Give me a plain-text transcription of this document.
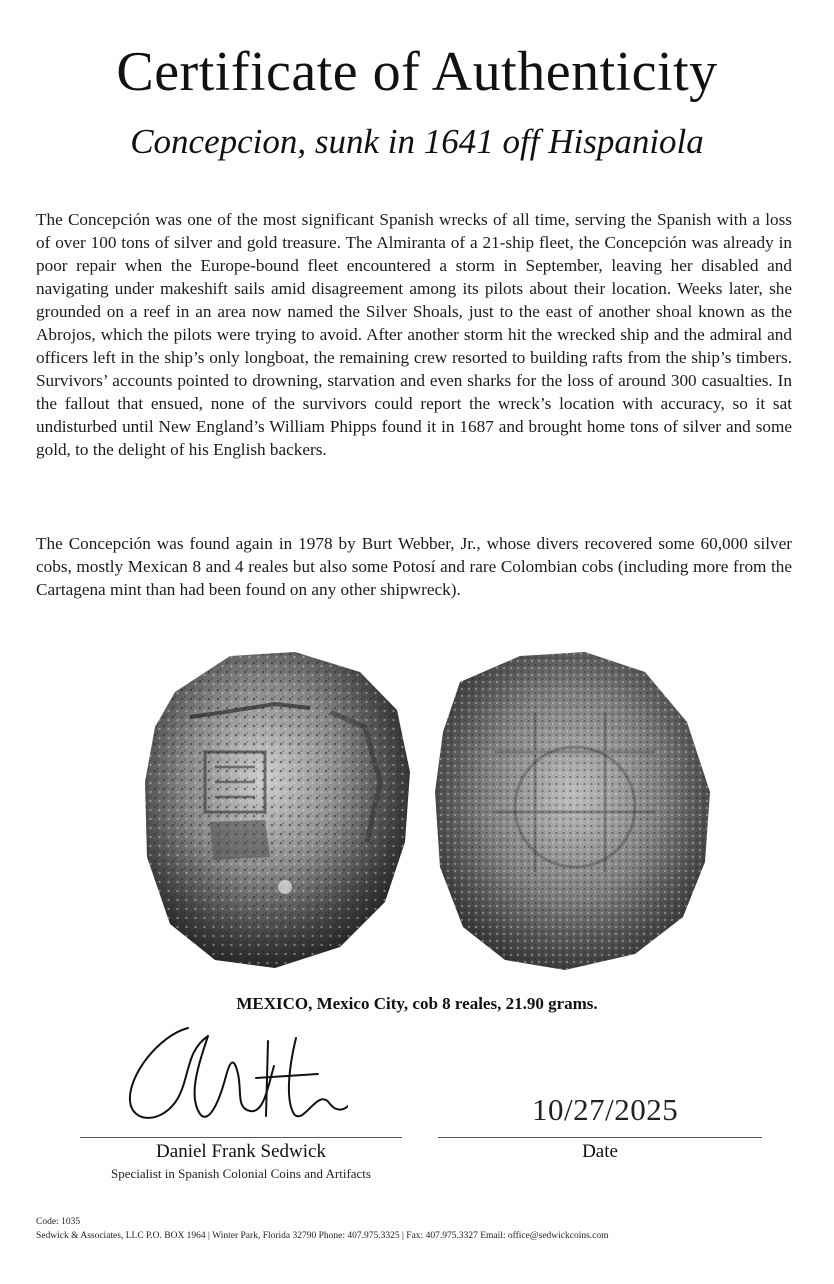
Certificate of Authenticity
Concepcion, sunk in 1641 off Hispaniola

The Concepción was one of the most significant Spanish wrecks of all time, serving the Spanish with a loss of over 100 tons of silver and gold treasure. The Almiranta of a 21-ship fleet, the Concepción was already in poor repair when the Europe-bound fleet encountered a storm in September, leaving her disabled and navigating under makeshift sails amid disagreement among its pilots about their location. Weeks later, she grounded on a reef in an area now named the Silver Shoals, just to the east of another shoal known as the Abrojos, which the pilots were trying to avoid. After another storm hit the wrecked ship and the admiral and officers left in the ship’s only longboat, the remaining crew resorted to building rafts from the ship’s timbers. Survivors’ accounts pointed to drowning, starvation and even sharks for the loss of around 300 casualties. In the fallout that ensued, none of the survivors could report the wreck’s location with accuracy, so it sat undisturbed until New England’s William Phipps found it in 1687 and brought home tons of silver and some gold, to the delight of his English backers.

The Concepción was found again in 1978 by Burt Webber, Jr., whose divers recovered some 60,000 silver cobs, mostly Mexican 8 and 4 reales but also some Potosí and rare Colombian cobs (including more from the Cartagena mint than had been found on any other shipwreck).

MEXICO, Mexico City, cob 8 reales, 21.90 grams.
10/27/2025
Daniel Frank Sedwick	Date
Specialist in Spanish Colonial Coins and Artifacts
Code: 1035
Sedwick & Associates, LLC P.O. BOX 1964 | Winter Park, Florida 32790 Phone: 407.975.3325 | Fax: 407.975.3327 Email: office@sedwickcoins.com
